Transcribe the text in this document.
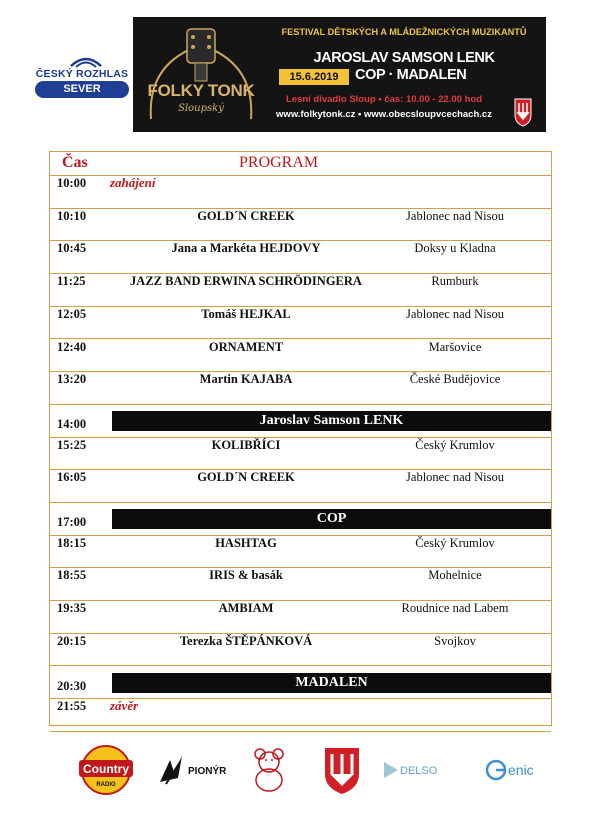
ČESKÝ ROZHLAS
SEVER	FOLKY TONK
Sloupský
FESTIVAL DĚTSKÝCH A MLÁDEŽNICKÝCH MUZIKANTŮ
JAROSLAV SAMSON LENK
15.6.2019	COP · MADALEN
Lesní divadlo Sloup • čas: 10.00 - 22.00 hod
www.folkytonk.cz • www.obecsloupvcechach.cz
Čas	PROGRAM
10:00 zahájení
10:10	GOLD´N CREEK	Jablonec nad Nisou
10:45	Jana a Markéta HEJDOVY	Doksy u Kladna
11:25	JAZZ BAND ERWINA SCHRÖDINGERA	Rumburk
12:05	Tomáš HEJKAL	Jablonec nad Nisou
12:40	ORNAMENT	Maršovice
13:20	Martin KAJABA	České Budějovice
14:00	Jaroslav Samson LENK
15:25	KOLIBŘÍCI	Český Krumlov
16:05	GOLD´N CREEK	Jablonec nad Nisou
17:00	COP
18:15	HASHTAG	Český Krumlov
18:55	IRIS & basák	Mohelnice
19:35	AMBIAM	Roudnice nad Labem
20:15	Terezka ŠTĚPÁNKOVÁ	Svojkov
20:30	MADALEN
21:55 závěr
Country
RADIO
PIONÝR	DELSO	enic
